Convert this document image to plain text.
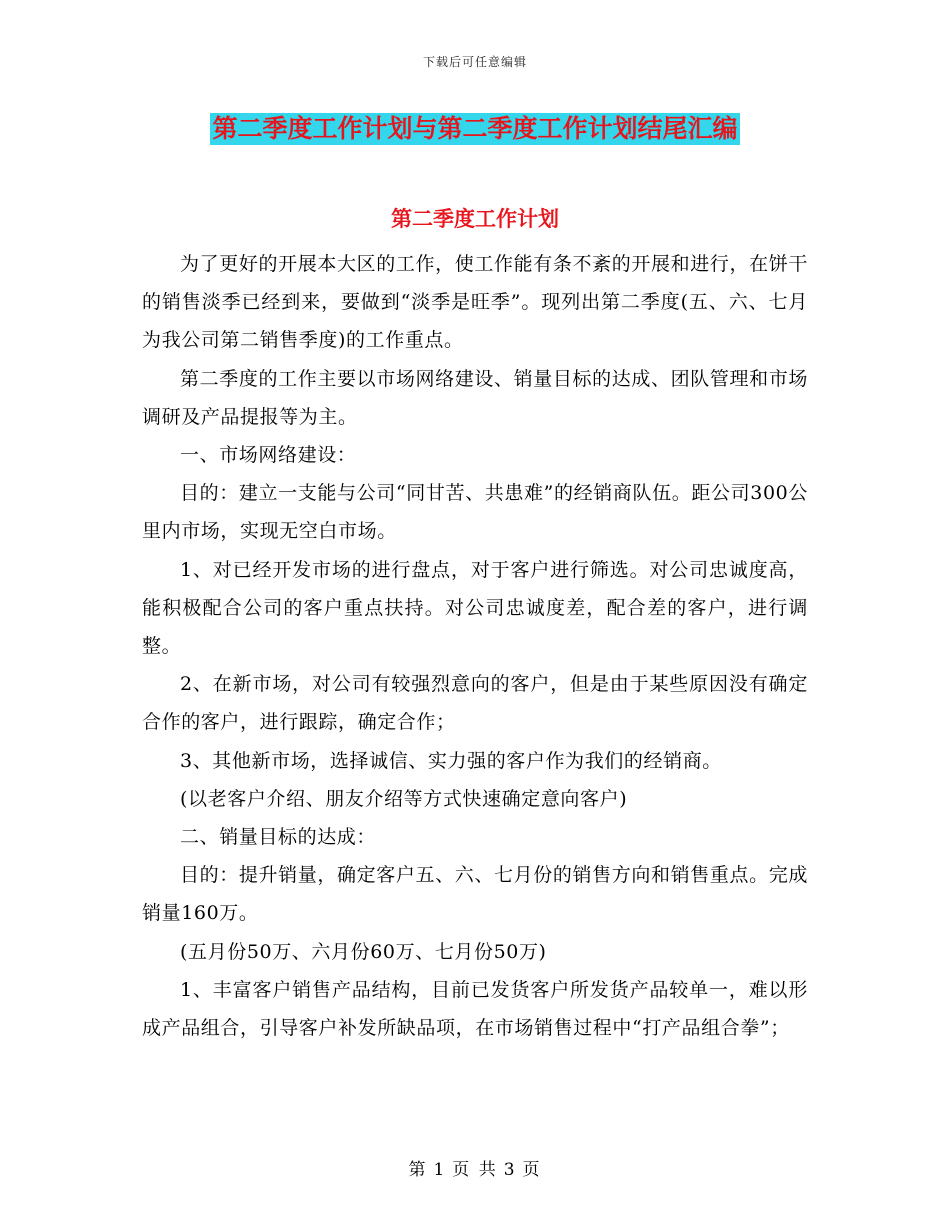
下载后可任意编辑
第二季度工作计划与第二季度工作计划结尾汇编
第二季度工作计划

为了更好的开展本大区的工作，使工作能有条不紊的开展和进行，在饼干的销售淡季已经到来，要做到“淡季是旺季”。现列出第二季度(五、六、七月为我公司第二销售季度)的工作重点。

第二季度的工作主要以市场网络建设、销量目标的达成、团队管理和市场调研及产品提报等为主。

一、市场网络建设：

目的：建立一支能与公司“同甘苦、共患难”的经销商队伍。距公司300公里内市场，实现无空白市场。

1、对已经开发市场的进行盘点，对于客户进行筛选。对公司忠诚度高，能积极配合公司的客户重点扶持。对公司忠诚度差，配合差的客户，进行调整。

2、在新市场，对公司有较强烈意向的客户，但是由于某些原因没有确定合作的客户，进行跟踪，确定合作；

3、其他新市场，选择诚信、实力强的客户作为我们的经销商。

(以老客户介绍、朋友介绍等方式快速确定意向客户)

二、销量目标的达成：

目的：提升销量，确定客户五、六、七月份的销售方向和销售重点。完成销量160万。

(五月份50万、六月份60万、七月份50万)

1、丰富客户销售产品结构，目前已发货客户所发货产品较单一，难以形成产品组合，引导客户补发所缺品项，在市场销售过程中“打产品组合拳”；

第 1 页 共 3 页
